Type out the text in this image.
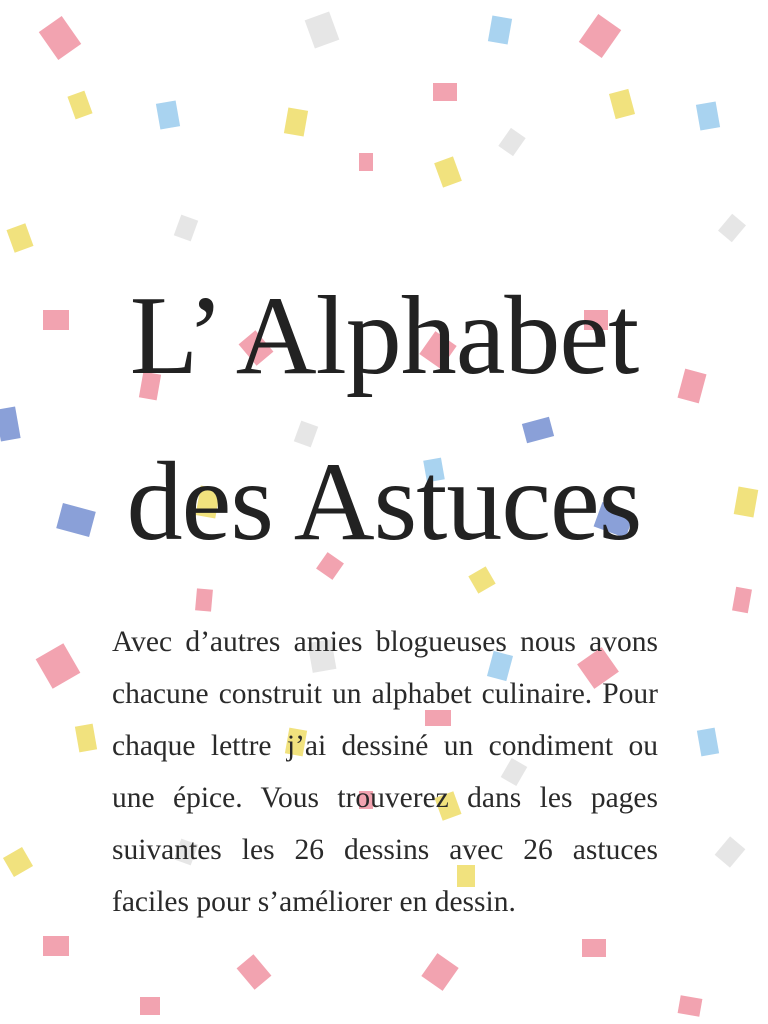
L’ Alphabet
des Astuces

Avec d’autres amies blogueuses nous avons chacune construit un alphabet culinaire. Pour chaque lettre j’ai dessiné un condiment ou une épice. Vous trouverez dans les pages suivantes les 26 dessins avec 26 astuces faciles pour s’améliorer en dessin.
